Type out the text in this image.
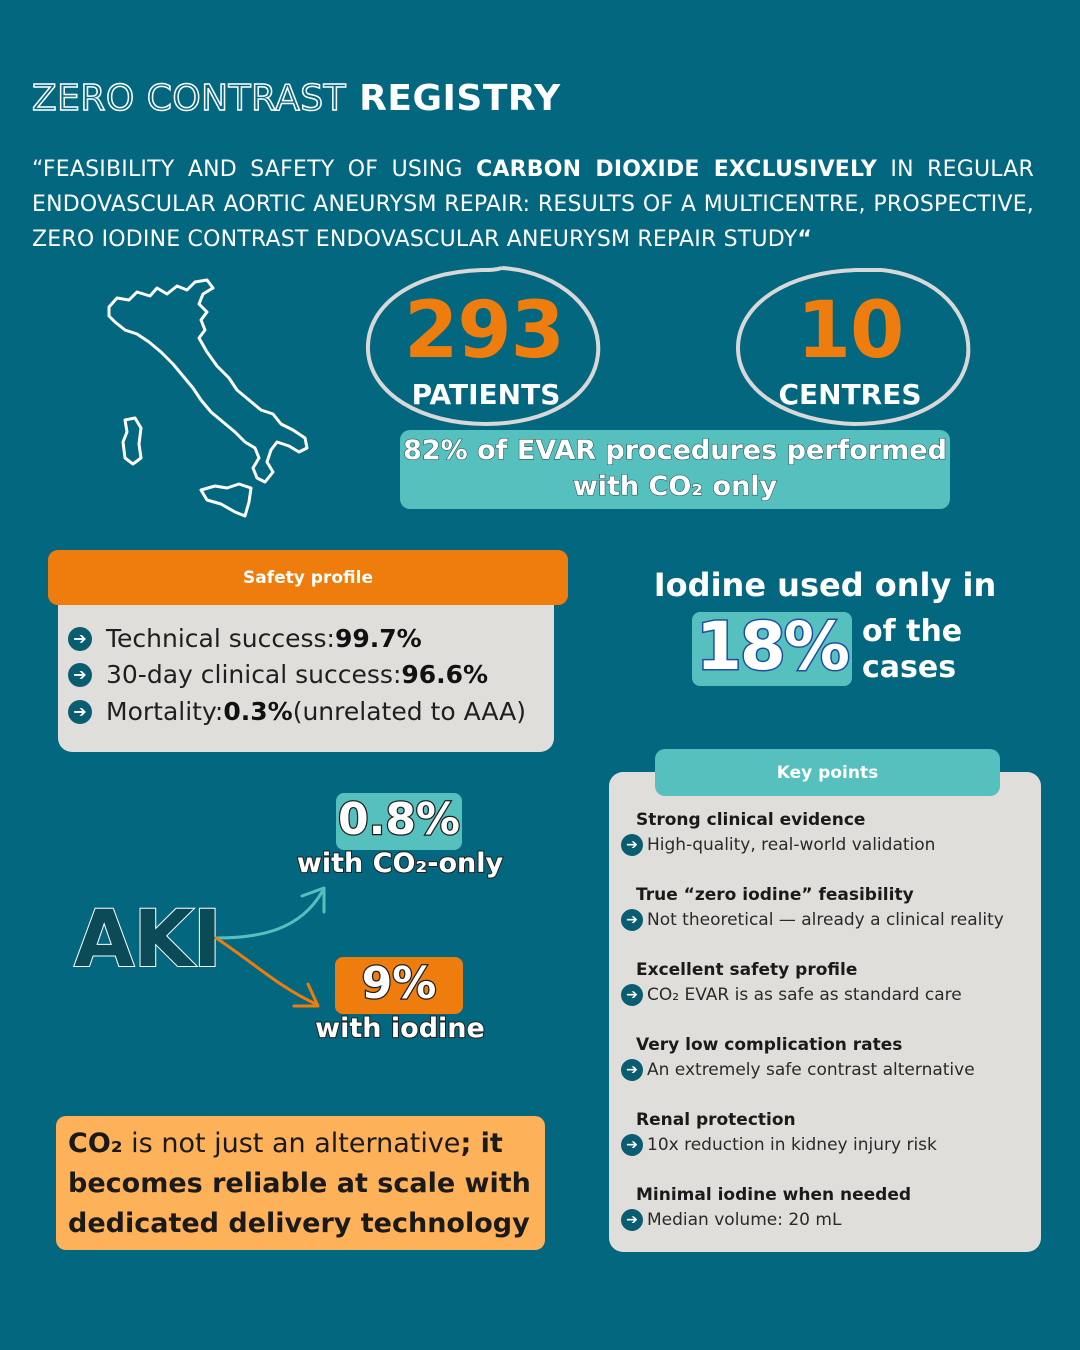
ZERO CONTRAST REGISTRY
“FEASIBILITY AND SAFETY OF USING CARBON DIOXIDE EXCLUSIVELY IN REGULAR ENDOVASCULAR AORTIC ANEURYSM REPAIR: RESULTS OF A MULTICENTRE, PROSPECTIVE, ZERO IODINE CONTRAST ENDOVASCULAR ANEURYSM REPAIR STUDY“
293
PATIENTS
10
CENTRES
82% of EVAR procedures performed
with CO₂ only
Safety profile
➔ Technical success: 99.7%
➔ 30-day clinical success: 96.6%
➔ Mortality: 0.3% (unrelated to AAA)
Iodine used only in
18% of the
cases
AKI
0.8%
with CO₂-only
9%
with iodine
CO₂ is not just an alternative; it becomes reliable at scale with dedicated delivery technology
Key points
Strong clinical evidence
➔ High-quality, real-world validation
True “zero iodine” feasibility
➔ Not theoretical — already a clinical reality
Excellent safety profile
➔ CO₂ EVAR is as safe as standard care
Very low complication rates
➔ An extremely safe contrast alternative
Renal protection
➔ 10x reduction in kidney injury risk
Minimal iodine when needed
➔ Median volume: 20 mL
